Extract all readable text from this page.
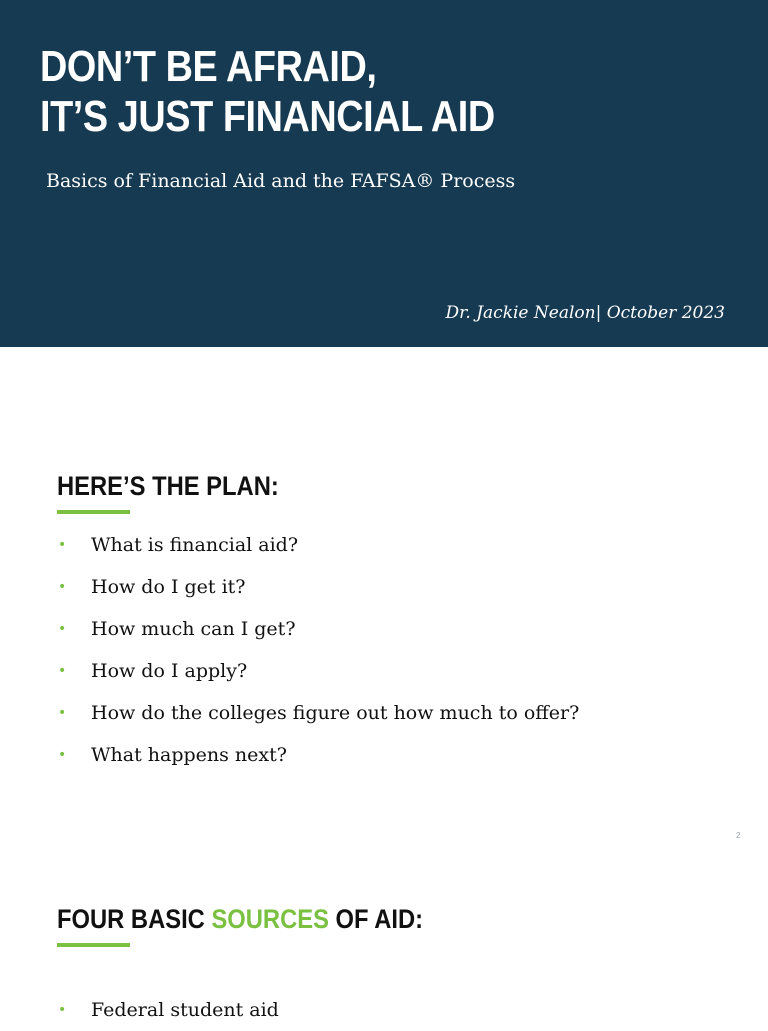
DON’T BE AFRAID,
IT’S JUST FINANCIAL AID
Basics of Financial Aid and the FAFSA® Process
Dr. Jackie Nealon| October 2023
HERE’S THE PLAN:
•	What is financial aid?
•	How do I get it?
•	How much can I get?
•	How do I apply?
•	How do the colleges figure out how much to offer?
•	What happens next?
2
FOUR BASIC SOURCES OF AID:
•	Federal student aid
